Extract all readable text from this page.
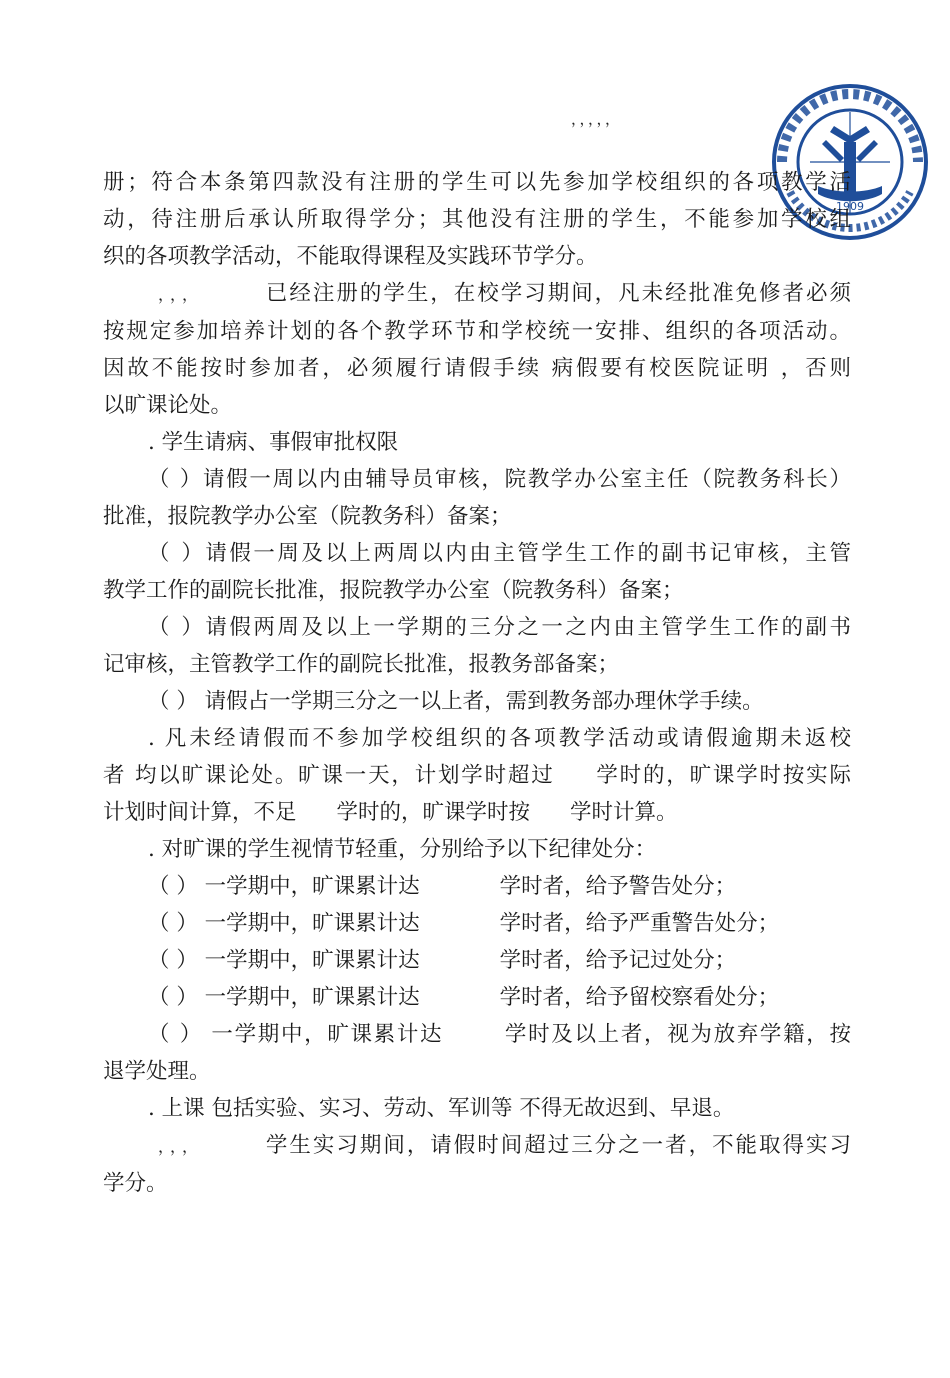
，，，，，
1909

册；符合本条第四款没有注册的学生可以先参加学校组织的各项教学活

动，待注册后承认所取得学分；其他没有注册的学生，不能参加学校组

织的各项教学活动，不能取得课程及实践环节学分。

，，，	已经注册的学生，在校学习期间，凡未经批准免修者必须

按规定参加培养计划的各个教学环节和学校统一安排、组织的各项活动。

因故不能按时参加者，必须履行请假手续 病假要有校医院证明 ，否则

以旷课论处。

. 学生请病、事假审批权限

（ ）请假一周以内由辅导员审核，院教学办公室主任（院教务科长）

批准，报院教学办公室（院教务科）备案；

（ ）请假一周及以上两周以内由主管学生工作的副书记审核，主管

教学工作的副院长批准，报院教学办公室（院教务科）备案；

（ ）请假两周及以上一学期的三分之一之内由主管学生工作的副书

记审核，主管教学工作的副院长批准，报教务部备案；

（ ） 请假占一学期三分之一以上者，需到教务部办理休学手续。

. 凡未经请假而不参加学校组织的各项教学活动或请假逾期未返校

者 均以旷课论处。旷课一天，计划学时超过 学时的，旷课学时按实际

计划时间计算，不足 学时的，旷课学时按 学时计算。

. 对旷课的学生视情节轻重，分别给予以下纪律处分：

（ ） 一学期中，旷课累计达	学时者，给予警告处分；

（ ） 一学期中，旷课累计达	学时者，给予严重警告处分；

（ ） 一学期中，旷课累计达	学时者，给予记过处分；

（ ） 一学期中，旷课累计达	学时者，给予留校察看处分；

（ ） 一学期中，旷课累计达	学时及以上者，视为放弃学籍，按

退学处理。

. 上课 包括实验、实习、劳动、军训等 不得无故迟到、早退。

，，，	学生实习期间，请假时间超过三分之一者，不能取得实习

学分。
